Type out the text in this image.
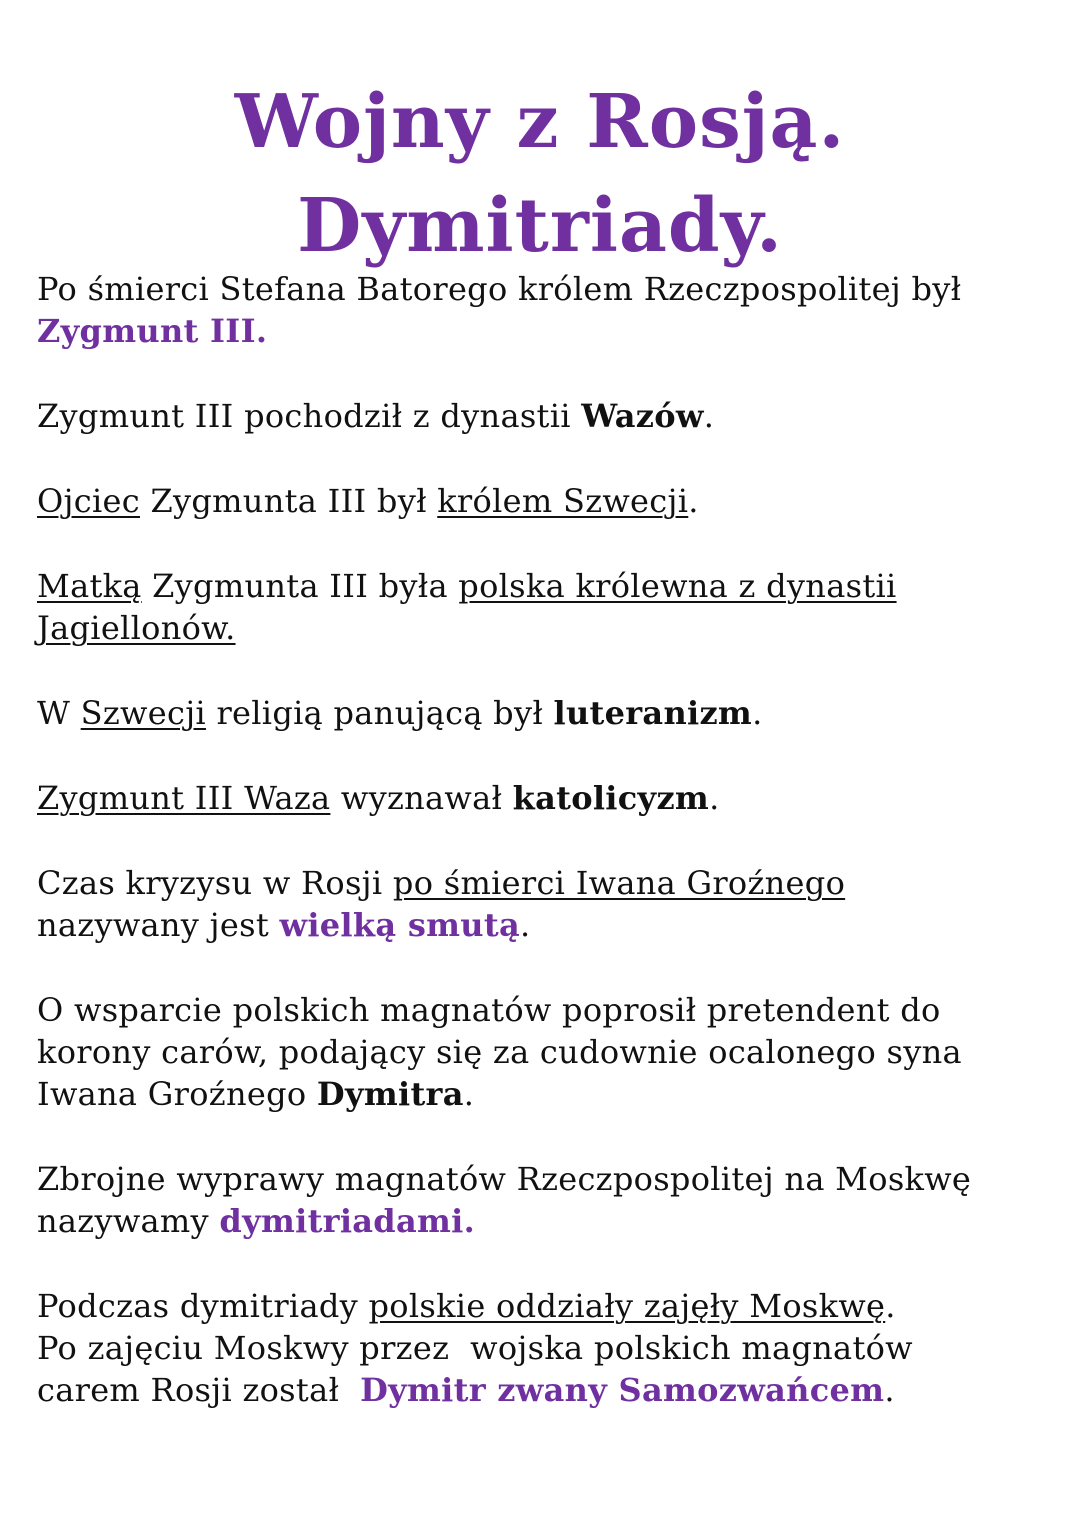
Wojny z Rosją.
Dymitriady.
Po śmierci Stefana Batorego królem Rzeczpospolitej był
Zygmunt III.
Zygmunt III pochodził z dynastii Wazów.
Ojciec Zygmunta III był królem Szwecji.
Matką Zygmunta III była polska królewna z dynastii
Jagiellonów.
W Szwecji religią panującą był luteranizm.
Zygmunt III Waza wyznawał katolicyzm.
Czas kryzysu w Rosji po śmierci Iwana Groźnego
nazywany jest wielką smutą.
O wsparcie polskich magnatów poprosił pretendent do
korony carów, podający się za cudownie ocalonego syna
Iwana Groźnego Dymitra.
Zbrojne wyprawy magnatów Rzeczpospolitej na Moskwę
nazywamy dymitriadami.
Podczas dymitriady polskie oddziały zajęły Moskwę.
Po zajęciu Moskwy przez  wojska polskich magnatów
carem Rosji został  Dymitr zwany Samozwańcem.
